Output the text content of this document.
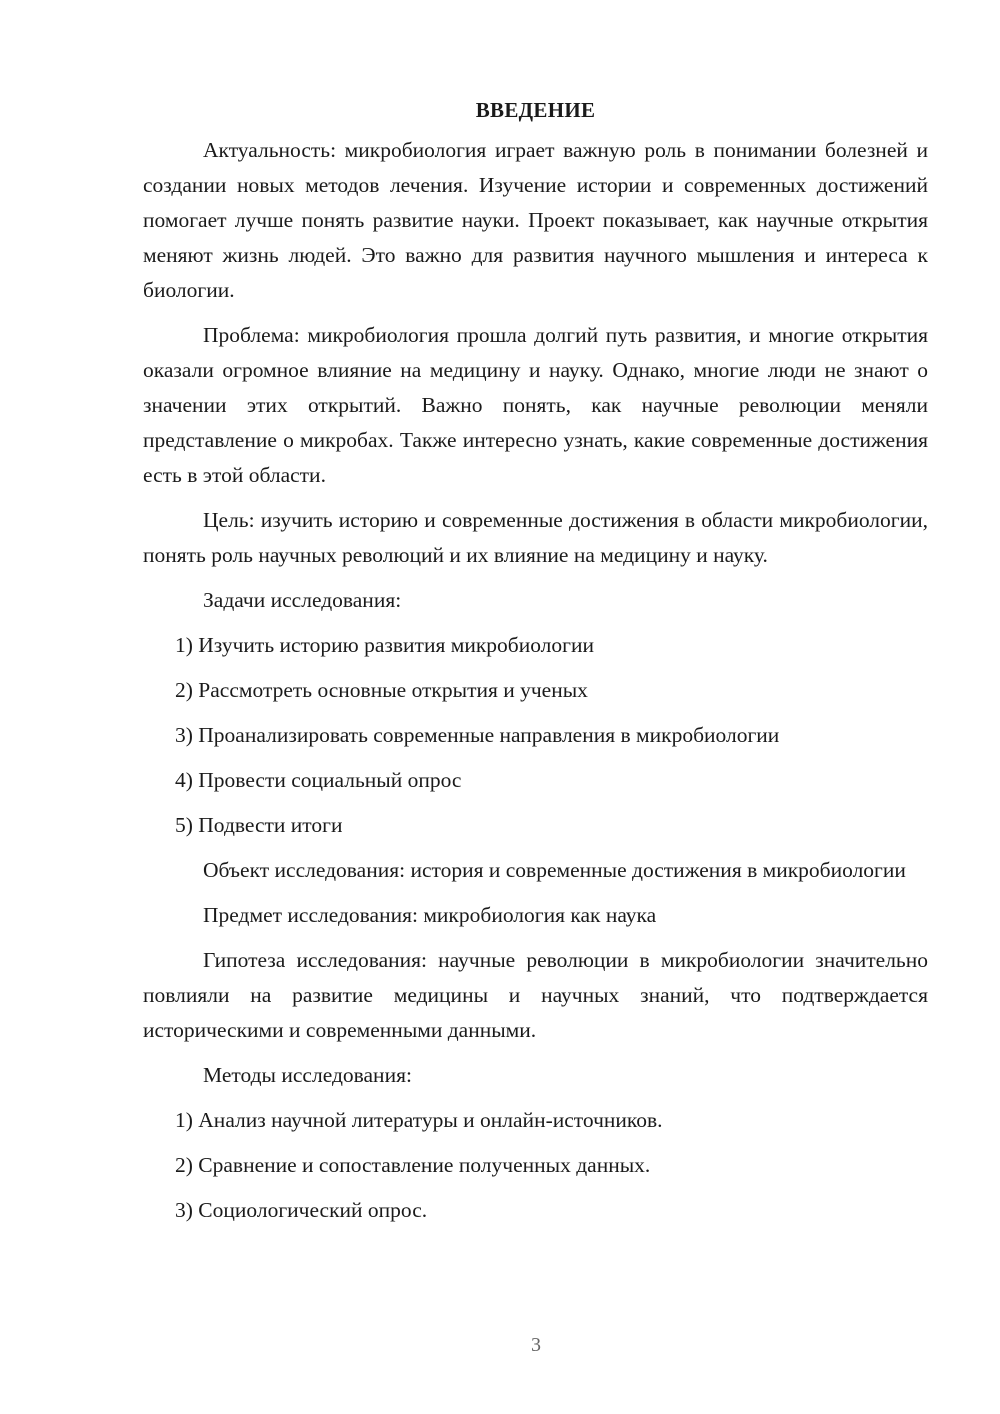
ВВЕДЕНИЕ

Актуальность: микробиология играет важную роль в понимании болезней и создании новых методов лечения. Изучение истории и современных достижений помогает лучше понять развитие науки. Проект показывает, как научные открытия меняют жизнь людей. Это важно для развития научного мышления и интереса к биологии.

Проблема: микробиология прошла долгий путь развития, и многие открытия оказали огромное влияние на медицину и науку. Однако, многие люди не знают о значении этих открытий. Важно понять, как научные революции меняли представление о микробах. Также интересно узнать, какие современные достижения есть в этой области.

Цель: изучить историю и современные достижения в области микробиологии, понять роль научных революций и их влияние на медицину и науку.

Задачи исследования:

1) Изучить историю развития микробиологии

2) Рассмотреть основные открытия и ученых

3) Проанализировать современные направления в микробиологии

4) Провести социальный опрос

5) Подвести итоги

Объект исследования: история и современные достижения в микробиологии

Предмет исследования: микробиология как наука

Гипотеза исследования: научные революции в микробиологии значительно повлияли на развитие медицины и научных знаний, что подтверждается историческими и современными данными.

Методы исследования:

1) Анализ научной литературы и онлайн-источников.

2) Сравнение и сопоставление полученных данных.

3) Социологический опрос.

3
